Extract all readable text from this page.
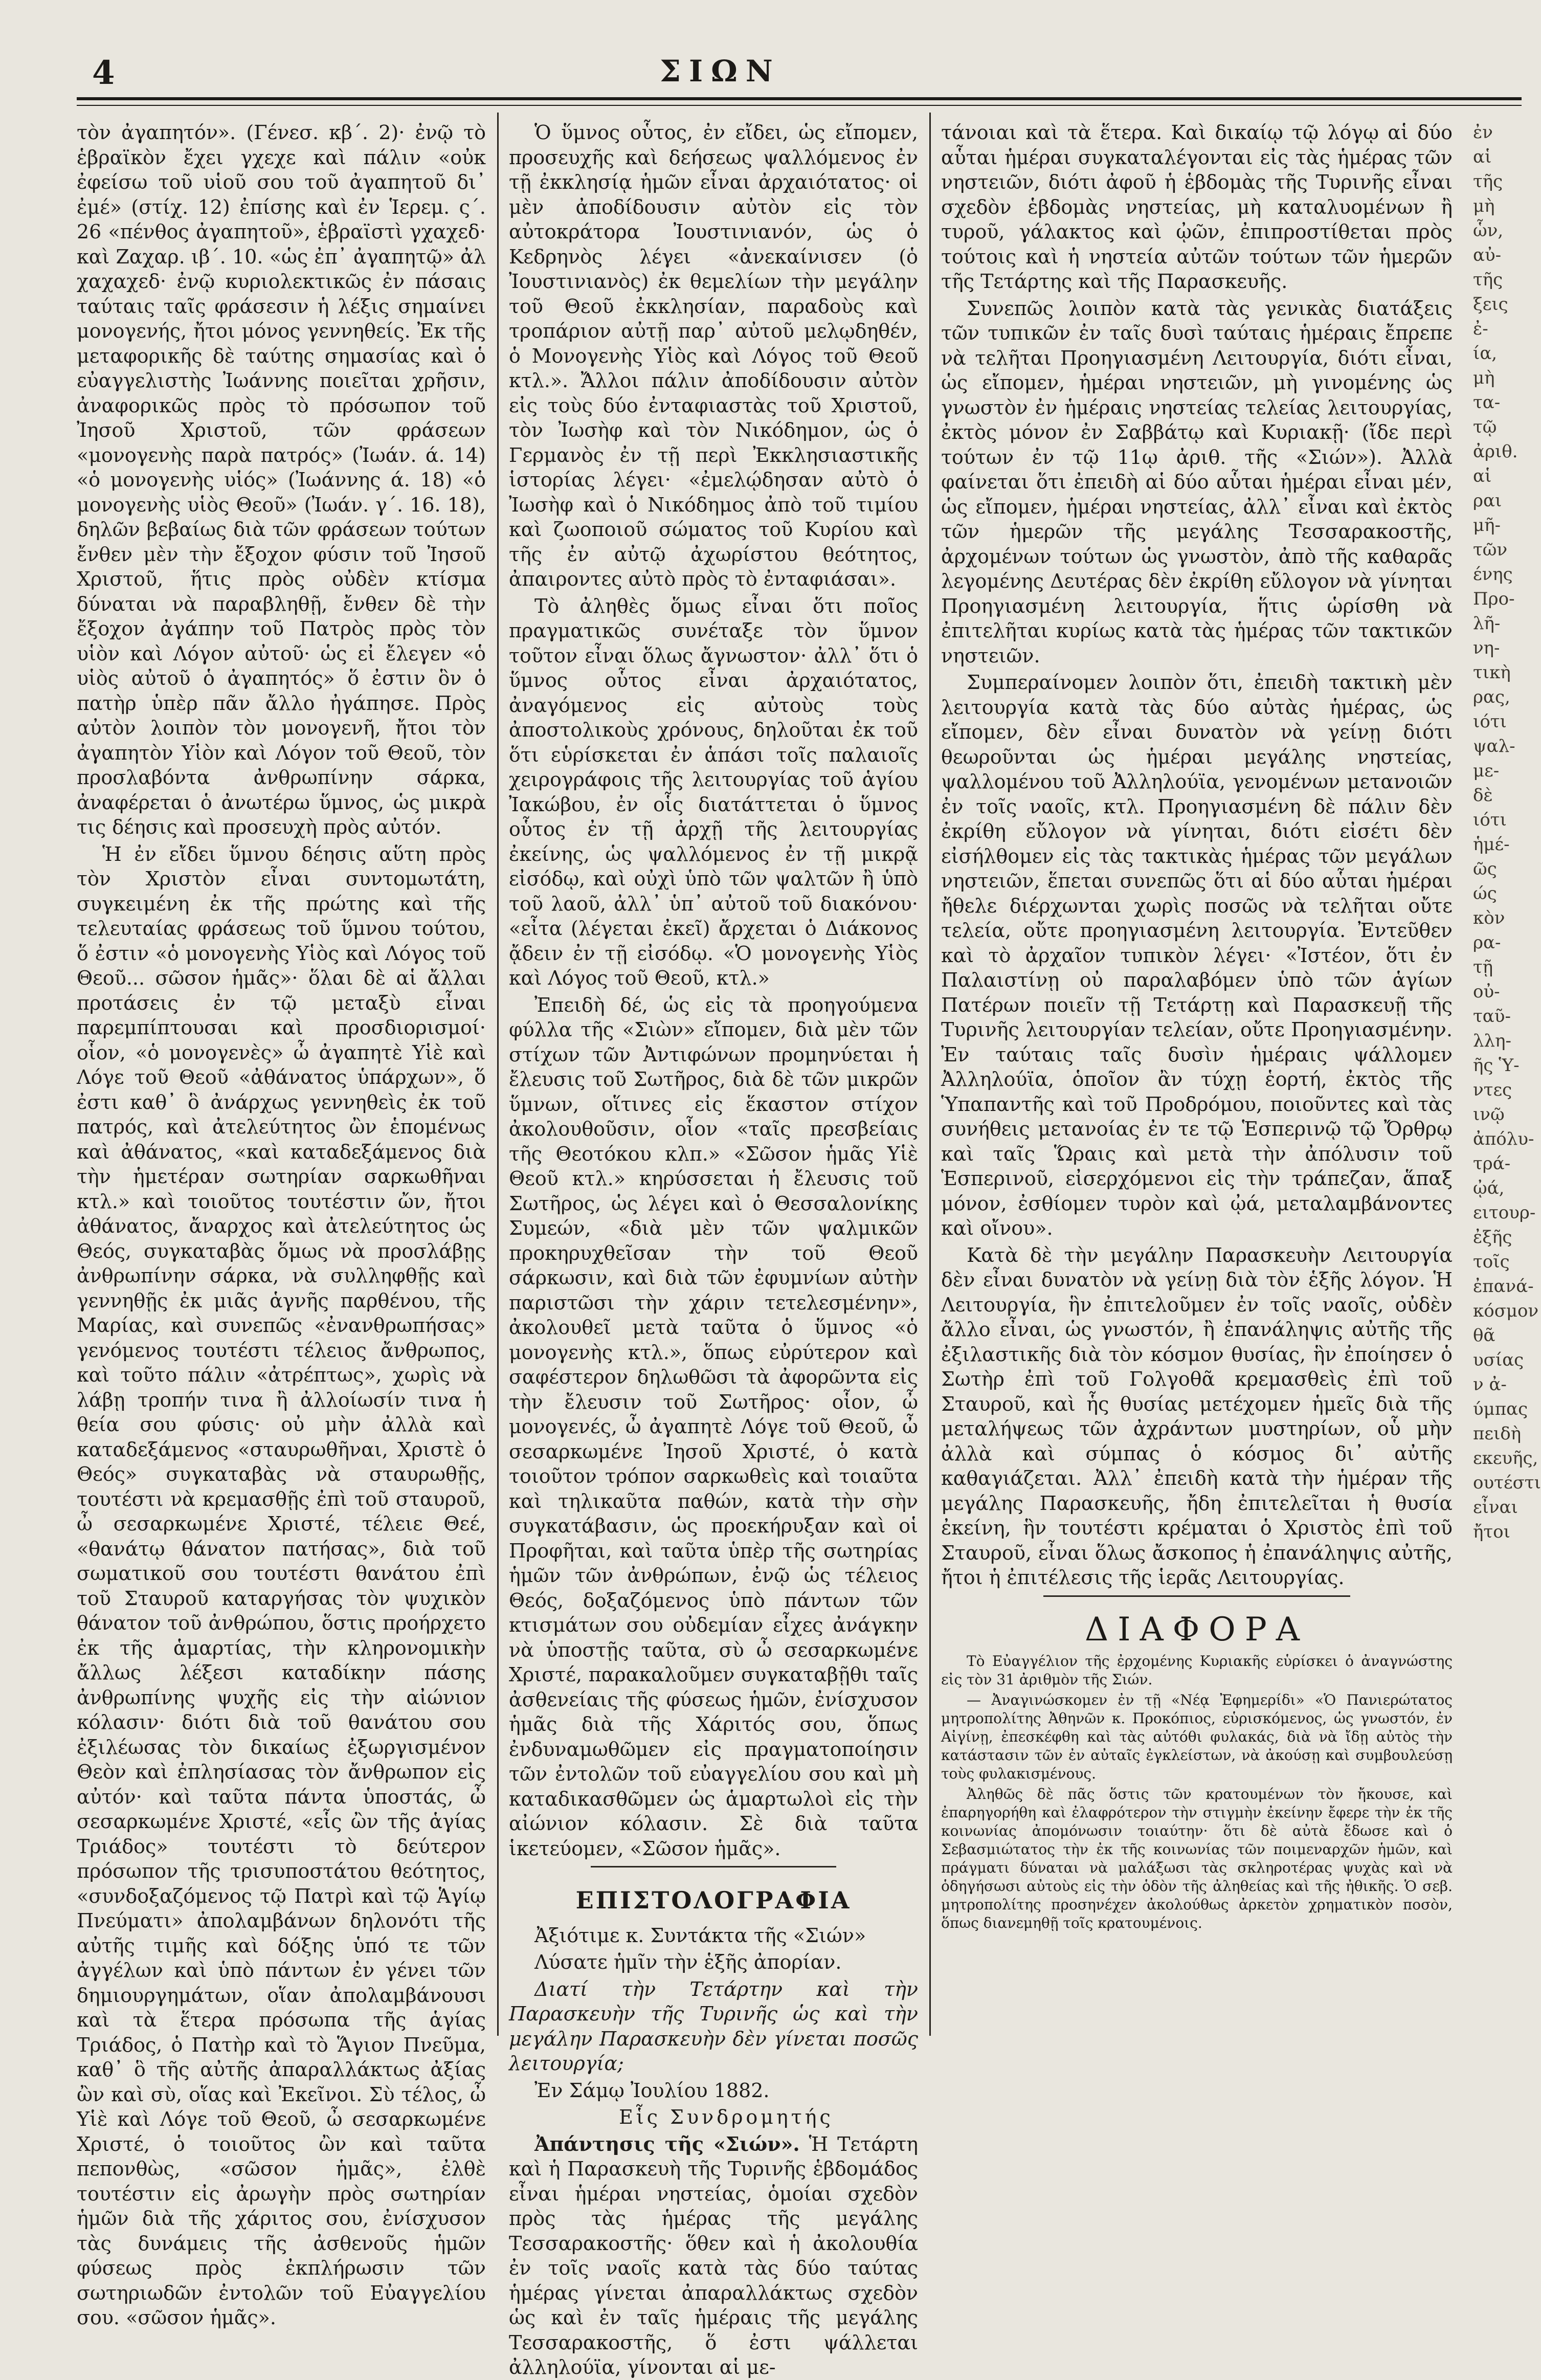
4	ΣΙΩΝ

τὸν ἀγαπητόν». (Γένεσ. κβ΄. 2)· ἐνῷ τὸ ἑβραϊκὸν ἔχει γχεχε καὶ πάλιν «οὐκ ἐφείσω τοῦ υἱοῦ σου τοῦ ἀγαπητοῦ δι᾿ ἐμέ» (στίχ. 12) ἐπίσης καὶ ἐν Ἱερεμ. ς΄. 26 «πένθος ἀγαπητοῦ», ἑβραϊστὶ γχαχεδ· καὶ Ζαχαρ. ιβ΄. 10. «ὡς ἐπ᾿ ἀγαπητῷ» ἀλ χαχαχεδ· ἐνῷ κυριολεκτικῶς ἐν πάσαις ταύταις ταῖς φράσεσιν ἡ λέξις σημαίνει μονογενής, ἤτοι μόνος γεννηθείς. Ἐκ τῆς μεταφορικῆς δὲ ταύτης σημασίας καὶ ὁ εὐαγγελιστὴς Ἰωάννης ποιεῖται χρῆσιν, ἀναφορικῶς πρὸς τὸ πρόσωπον τοῦ Ἰησοῦ Χριστοῦ, τῶν φράσεων «μονογενὴς παρὰ πατρός» (Ἰωάν. ά. 14) «ὁ μονογενὴς υἱός» (Ἰωάννης ά. 18) «ὁ μονογενὴς υἱὸς Θεοῦ» (Ἰωάν. γ΄. 16. 18), δηλῶν βεβαίως διὰ τῶν φράσεων τούτων ἔνθεν μὲν τὴν ἔξοχον φύσιν τοῦ Ἰησοῦ Χριστοῦ, ἥτις πρὸς οὐδὲν κτίσμα δύναται νὰ παραβληθῇ, ἔνθεν δὲ τὴν ἔξοχον ἀγάπην τοῦ Πατρὸς πρὸς τὸν υἱὸν καὶ Λόγον αὐτοῦ· ὡς εἰ ἔλεγεν «ὁ υἱὸς αὐτοῦ ὁ ἀγαπητός» ὅ ἐστιν ὃν ὁ πατὴρ ὑπὲρ πᾶν ἄλλο ἠγάπησε. Πρὸς αὐτὸν λοιπὸν τὸν μονογενῆ, ἤτοι τὸν ἀγαπητὸν Υἱὸν καὶ Λόγον τοῦ Θεοῦ, τὸν προσλαβόντα ἀνθρωπίνην σάρκα, ἀναφέρεται ὁ ἀνωτέρω ὕμνος, ὡς μικρὰ τις δέησις καὶ προσευχὴ πρὸς αὐτόν.

Ἡ ἐν εἴδει ὕμνου δέησις αὕτη πρὸς τὸν Χριστὸν εἶναι συντομωτάτη, συγκειμένη ἐκ τῆς πρώτης καὶ τῆς τελευταίας φράσεως τοῦ ὕμνου τούτου, ὅ ἐστιν «ὁ μονογενὴς Υἱὸς καὶ Λόγος τοῦ Θεοῦ... σῶσον ἡμᾶς»· ὅλαι δὲ αἱ ἄλλαι προτάσεις ἐν τῷ μεταξὺ εἶναι παρεμπίπτουσαι καὶ προσδιορισμοί· οἷον, «ὁ μονογενὲς» ὦ ἀγαπητὲ Υἱὲ καὶ Λόγε τοῦ Θεοῦ «ἀθάνατος ὑπάρχων», ὅ ἐστι καθ᾿ ὃ ἀνάρχως γεννηθεὶς ἐκ τοῦ πατρός, καὶ ἀτελεύτητος ὢν ἑπομένως καὶ ἀθάνατος, «καὶ καταδεξάμενος διὰ τὴν ἡμετέραν σωτηρίαν σαρκωθῆναι κτλ.» καὶ τοιοῦτος τουτέστιν ὤν, ἤτοι ἀθάνατος, ἄναρχος καὶ ἀτελεύτητος ὡς Θεός, συγκαταβὰς ὅμως νὰ προσλάβῃς ἀνθρωπίνην σάρκα, νὰ συλληφθῇς καὶ γεννηθῇς ἐκ μιᾶς ἁγνῆς παρθένου, τῆς Μαρίας, καὶ συνεπῶς «ἐνανθρωπήσας» γενόμενος τουτέστι τέλειος ἄνθρωπος, καὶ τοῦτο πάλιν «ἀτρέπτως», χωρὶς νὰ λάβῃ τροπήν τινα ἢ ἀλλοίωσίν τινα ἡ θεία σου φύσις· οὐ μὴν ἀλλὰ καὶ καταδεξάμενος «σταυρωθῆναι, Χριστὲ ὁ Θεός» συγκαταβὰς νὰ σταυρωθῇς, τουτέστι νὰ κρεμασθῇς ἐπὶ τοῦ σταυροῦ, ὦ σεσαρκωμένε Χριστέ, τέλειε Θεέ, «θανάτῳ θάνατον πατήσας», διὰ τοῦ σωματικοῦ σου τουτέστι θανάτου ἐπὶ τοῦ Σταυροῦ καταργήσας τὸν ψυχικὸν θάνατον τοῦ ἀνθρώπου, ὅστις προήρχετο ἐκ τῆς ἁμαρτίας, τὴν κληρονομικὴν ἄλλως λέξεσι καταδίκην πάσης ἀνθρωπίνης ψυχῆς εἰς τὴν αἰώνιον κόλασιν· διότι διὰ τοῦ θανάτου σου ἐξιλέωσας τὸν δικαίως ἐξωργισμένον Θεὸν καὶ ἐπλησίασας τὸν ἄνθρωπον εἰς αὐτόν· καὶ ταῦτα πάντα ὑποστάς, ὦ σεσαρκωμένε Χριστέ, «εἷς ὢν τῆς ἁγίας Τριάδος» τουτέστι τὸ δεύτερον πρόσωπον τῆς τρισυποστάτου θεότητος, «συνδοξαζόμενος τῷ Πατρὶ καὶ τῷ Ἁγίῳ Πνεύματι» ἀπολαμβάνων δηλονότι τῆς αὐτῆς τιμῆς καὶ δόξης ὑπό τε τῶν ἀγγέλων καὶ ὑπὸ πάντων ἐν γένει τῶν δημιουργημάτων, οἵαν ἀπολαμβάνουσι καὶ τὰ ἕτερα πρόσωπα τῆς ἁγίας Τριάδος, ὁ Πατὴρ καὶ τὸ Ἅγιον Πνεῦμα, καθ᾿ ὃ τῆς αὐτῆς ἀπαραλλάκτως ἀξίας ὢν καὶ σὺ, οἵας καὶ Ἐκεῖνοι. Σὺ τέλος, ὦ Υἱὲ καὶ Λόγε τοῦ Θεοῦ, ὦ σεσαρκωμένε Χριστέ, ὁ τοιοῦτος ὢν καὶ ταῦτα πεπονθὼς, «σῶσον ἡμᾶς», ἐλθὲ τουτέστιν εἰς ἀρωγὴν πρὸς σωτηρίαν ἡμῶν διὰ τῆς χάριτος σου, ἐνίσχυσον τὰς δυνάμεις τῆς ἀσθενοῦς ἡμῶν φύσεως πρὸς ἐκπλήρωσιν τῶν σωτηριωδῶν ἐντολῶν τοῦ Εὐαγγελίου σου. «σῶσον ἡμᾶς».

Ὁ ὕμνος οὗτος, ἐν εἴδει, ὡς εἴπομεν, προσευχῆς καὶ δεήσεως ψαλλόμενος ἐν τῇ ἐκκλησίᾳ ἡμῶν εἶναι ἀρχαιότατος· οἱ μὲν ἀποδίδουσιν αὐτὸν εἰς τὸν αὐτοκράτορα Ἰουστινιανόν, ὡς ὁ Κεδρηνὸς λέγει «ἀνεκαίνισεν (ὁ Ἰουστινιανὸς) ἐκ θεμελίων τὴν μεγάλην τοῦ Θεοῦ ἐκκλησίαν, παραδοὺς καὶ τροπάριον αὐτῇ παρ᾿ αὐτοῦ μελῳδηθέν, ὁ Μονογενὴς Υἱὸς καὶ Λόγος τοῦ Θεοῦ κτλ.». Ἄλλοι πάλιν ἀποδίδουσιν αὐτὸν εἰς τοὺς δύο ἐνταφιαστὰς τοῦ Χριστοῦ, τὸν Ἰωσὴφ καὶ τὸν Νικόδημον, ὡς ὁ Γερμανὸς ἐν τῇ περὶ Ἐκκλησιαστικῆς ἱστορίας λέγει· «ἐμελῴδησαν αὐτὸ ὁ Ἰωσὴφ καὶ ὁ Νικόδημος ἀπὸ τοῦ τιμίου καὶ ζωοποιοῦ σώματος τοῦ Κυρίου καὶ τῆς ἐν αὐτῷ ἀχωρίστου θεότητος, ἀπαιροντες αὐτὸ πρὸς τὸ ἐνταφιάσαι».

Τὸ ἀληθὲς ὅμως εἶναι ὅτι ποῖος πραγματικῶς συνέταξε τὸν ὕμνον τοῦτον εἶναι ὅλως ἄγνωστον· ἀλλ᾿ ὅτι ὁ ὕμνος οὗτος εἶναι ἀρχαιότατος, ἀναγόμενος εἰς αὐτοὺς τοὺς ἀποστολικοὺς χρόνους, δηλοῦται ἐκ τοῦ ὅτι εὑρίσκεται ἐν ἁπάσι τοῖς παλαιοῖς χειρογράφοις τῆς λειτουργίας τοῦ ἁγίου Ἰακώβου, ἐν οἷς διατάττεται ὁ ὕμνος οὗτος ἐν τῇ ἀρχῇ τῆς λειτουργίας ἐκείνης, ὡς ψαλλόμενος ἐν τῇ μικρᾷ εἰσόδῳ, καὶ οὐχὶ ὑπὸ τῶν ψαλτῶν ἢ ὑπὸ τοῦ λαοῦ, ἀλλ᾿ ὑπ᾿ αὐτοῦ τοῦ διακόνου· «εἶτα (λέγεται ἐκεῖ) ἄρχεται ὁ Διάκονος ᾄδειν ἐν τῇ εἰσόδῳ. «Ὁ μονογενὴς Υἱὸς καὶ Λόγος τοῦ Θεοῦ, κτλ.»

Ἐπειδὴ δέ, ὡς εἰς τὰ προηγούμενα φύλλα τῆς «Σιὼν» εἴπομεν, διὰ μὲν τῶν στίχων τῶν Ἀντιφώνων προμηνύεται ἡ ἔλευσις τοῦ Σωτῆρος, διὰ δὲ τῶν μικρῶν ὕμνων, οἵτινες εἰς ἕκαστον στίχον ἀκολουθοῦσιν, οἷον «ταῖς πρεσβείαις τῆς Θεοτόκου κλπ.» «Σῶσον ἡμᾶς Υἱὲ Θεοῦ κτλ.» κηρύσσεται ἡ ἔλευσις τοῦ Σωτῆρος, ὡς λέγει καὶ ὁ Θεσσαλονίκης Συμεών, «διὰ μὲν τῶν ψαλμικῶν προκηρυχθεῖσαν τὴν τοῦ Θεοῦ σάρκωσιν, καὶ διὰ τῶν ἐφυμνίων αὐτὴν παριστῶσι τὴν χάριν τετελεσμένην», ἀκολουθεῖ μετὰ ταῦτα ὁ ὕμνος «ὁ μονογενὴς κτλ.», ὅπως εὐρύτερον καὶ σαφέστερον δηλωθῶσι τὰ ἀφορῶντα εἰς τὴν ἔλευσιν τοῦ Σωτῆρος· οἷον, ὦ μονογενές, ὦ ἀγαπητὲ Λόγε τοῦ Θεοῦ, ὦ σεσαρκωμένε Ἰησοῦ Χριστέ, ὁ κατὰ τοιοῦτον τρόπον σαρκωθεὶς καὶ τοιαῦτα καὶ τηλικαῦτα παθών, κατὰ τὴν σὴν συγκατάβασιν, ὡς προεκήρυξαν καὶ οἱ Προφῆται, καὶ ταῦτα ὑπὲρ τῆς σωτηρίας ἡμῶν τῶν ἀνθρώπων, ἐνῷ ὡς τέλειος Θεός, δοξαζόμενος ὑπὸ πάντων τῶν κτισμάτων σου οὐδεμίαν εἶχες ἀνάγκην νὰ ὑποστῇς ταῦτα, σὺ ὦ σεσαρκωμένε Χριστέ, παρακαλοῦμεν συγκαταβῇθι ταῖς ἀσθενείαις τῆς φύσεως ἡμῶν, ἐνίσχυσον ἡμᾶς διὰ τῆς Χάριτός σου, ὅπως ἐνδυναμωθῶμεν εἰς πραγματοποίησιν τῶν ἐντολῶν τοῦ εὐαγγελίου σου καὶ μὴ καταδικασθῶμεν ὡς ἁμαρτωλοὶ εἰς τὴν αἰώνιον κόλασιν. Σὲ διὰ ταῦτα ἱκετεύομεν, «Σῶσον ἡμᾶς».

ΕΠΙΣΤΟΛΟΓΡΑΦΙΑ

Ἀξιότιμε κ. Συντάκτα τῆς «Σιών»

Λύσατε ἡμῖν τὴν ἑξῆς ἀπορίαν.

Διατί τὴν Τετάρτην καὶ τὴν Παρασκευὴν τῆς Τυρινῆς ὡς καὶ τὴν μεγάλην Παρασκευὴν δὲν γίνεται ποσῶς λειτουργία;

Ἐν Σάμῳ Ἰουλίου 1882.

Εἷς Συνδρομητής

Ἀπάντησις τῆς «Σιών». Ἡ Τετάρτη καὶ ἡ Παρασκευὴ τῆς Τυρινῆς ἑβδομάδος εἶναι ἡμέραι νηστείας, ὁμοίαι σχεδὸν πρὸς τὰς ἡμέρας τῆς μεγάλης Τεσσαρακοστῆς· ὅθεν καὶ ἡ ἀκολουθία ἐν τοῖς ναοῖς κατὰ τὰς δύο ταύτας ἡμέρας γίνεται ἀπαραλλάκτως σχεδὸν ὡς καὶ ἐν ταῖς ἡμέραις τῆς μεγάλης Τεσσαρακοστῆς, ὅ ἐστι ψάλλεται ἀλληλούϊα, γίνονται αἱ με-

τάνοιαι καὶ τὰ ἕτερα. Καὶ δικαίῳ τῷ λόγῳ αἱ δύο αὗται ἡμέραι συγκαταλέγονται εἰς τὰς ἡμέρας τῶν νηστειῶν, διότι ἀφοῦ ἡ ἑβδομὰς τῆς Τυρινῆς εἶναι σχεδὸν ἑβδομὰς νηστείας, μὴ καταλυομένων ἢ τυροῦ, γάλακτος καὶ ᾠῶν, ἐπιπροστίθεται πρὸς τούτοις καὶ ἡ νηστεία αὐτῶν τούτων τῶν ἡμερῶν τῆς Τετάρτης καὶ τῆς Παρασκευῆς.

Συνεπῶς λοιπὸν κατὰ τὰς γενικὰς διατάξεις τῶν τυπικῶν ἐν ταῖς δυσὶ ταύταις ἡμέραις ἔπρεπε νὰ τελῆται Προηγιασμένη Λειτουργία, διότι εἶναι, ὡς εἴπομεν, ἡμέραι νηστειῶν, μὴ γινομένης ὡς γνωστὸν ἐν ἡμέραις νηστείας τελείας λειτουργίας, ἐκτὸς μόνον ἐν Σαββάτῳ καὶ Κυριακῇ· (ἴδε περὶ τούτων ἐν τῷ 11ῳ ἀριθ. τῆς «Σιών»). Ἀλλὰ φαίνεται ὅτι ἐπειδὴ αἱ δύο αὗται ἡμέραι εἶναι μέν, ὡς εἴπομεν, ἡμέραι νηστείας, ἀλλ᾿ εἶναι καὶ ἐκτὸς τῶν ἡμερῶν τῆς μεγάλης Τεσσαρακοστῆς, ἀρχομένων τούτων ὡς γνωστὸν, ἀπὸ τῆς καθαρᾶς λεγομένης Δευτέρας δὲν ἐκρίθη εὔλογον νὰ γίνηται Προηγιασμένη λειτουργία, ἥτις ὡρίσθη νὰ ἐπιτελῆται κυρίως κατὰ τὰς ἡμέρας τῶν τακτικῶν νηστειῶν.

Συμπεραίνομεν λοιπὸν ὅτι, ἐπειδὴ τακτικὴ μὲν λειτουργία κατὰ τὰς δύο αὐτὰς ἡμέρας, ὡς εἴπομεν, δὲν εἶναι δυνατὸν νὰ γείνῃ διότι θεωροῦνται ὡς ἡμέραι μεγάλης νηστείας, ψαλλομένου τοῦ Ἀλληλούϊα, γενομένων μετανοιῶν ἐν τοῖς ναοῖς, κτλ. Προηγιασμένη δὲ πάλιν δὲν ἐκρίθη εὔλογον νὰ γίνηται, διότι εἰσέτι δὲν εἰσήλθομεν εἰς τὰς τακτικὰς ἡμέρας τῶν μεγάλων νηστειῶν, ἕπεται συνεπῶς ὅτι αἱ δύο αὗται ἡμέραι ἤθελε διέρχωνται χωρὶς ποσῶς νὰ τελῆται οὔτε τελεία, οὔτε προηγιασμένη λειτουργία. Ἐντεῦθεν καὶ τὸ ἀρχαῖον τυπικὸν λέγει· «Ἰστέον, ὅτι ἐν Παλαιστίνῃ οὐ παραλαβόμεν ὑπὸ τῶν ἁγίων Πατέρων ποιεῖν τῇ Τετάρτῃ καὶ Παρασκευῇ τῆς Τυρινῆς λειτουργίαν τελείαν, οὔτε Προηγιασμένην. Ἐν ταύταις ταῖς δυσὶν ἡμέραις ψάλλομεν Ἀλληλούϊα, ὁποῖον ἂν τύχῃ ἑορτή, ἐκτὸς τῆς Ὑπαπαντῆς καὶ τοῦ Προδρόμου, ποιοῦντες καὶ τὰς συνήθεις μετανοίας ἐν τε τῷ Ἑσπερινῷ τῷ Ὄρθρῳ καὶ ταῖς Ὥραις καὶ μετὰ τὴν ἀπόλυσιν τοῦ Ἑσπερινοῦ, εἰσερχόμενοι εἰς τὴν τράπεζαν, ἅπαξ μόνον, ἐσθίομεν τυρὸν καὶ ᾠά, μεταλαμβάνοντες καὶ οἴνου».

Κατὰ δὲ τὴν μεγάλην Παρασκευὴν Λειτουργία δὲν εἶναι δυνατὸν νὰ γείνῃ διὰ τὸν ἑξῆς λόγον. Ἡ Λειτουργία, ἣν ἐπιτελοῦμεν ἐν τοῖς ναοῖς, οὐδὲν ἄλλο εἶναι, ὡς γνωστόν, ἢ ἐπανάληψις αὐτῆς τῆς ἐξιλαστικῆς διὰ τὸν κόσμον θυσίας, ἣν ἐποίησεν ὁ Σωτὴρ ἐπὶ τοῦ Γολγοθᾶ κρεμασθεὶς ἐπὶ τοῦ Σταυροῦ, καὶ ἧς θυσίας μετέχομεν ἡμεῖς διὰ τῆς μεταλήψεως τῶν ἀχράντων μυστηρίων, οὗ μὴν ἀλλὰ καὶ σύμπας ὁ κόσμος δι᾿ αὐτῆς καθαγιάζεται. Ἀλλ᾿ ἐπειδὴ κατὰ τὴν ἡμέραν τῆς μεγάλης Παρασκευῆς, ἤδη ἐπιτελεῖται ἡ θυσία ἐκείνη, ἣν τουτέστι κρέμαται ὁ Χριστὸς ἐπὶ τοῦ Σταυροῦ, εἶναι ὅλως ἄσκοπος ἡ ἐπανάληψις αὐτῆς, ἤτοι ἡ ἐπιτέλεσις τῆς ἱερᾶς Λειτουργίας.

ΔΙΑΦΟΡΑ

Τὸ Εὐαγγέλιον τῆς ἐρχομένης Κυριακῆς εὑρίσκει ὁ ἀναγνώστης εἰς τὸν 31 ἀριθμὸν τῆς Σιών.

— Ἀναγινώσκομεν ἐν τῇ «Νέᾳ Ἐφημερίδι» «Ὁ Πανιερώτατος μητροπολίτης Ἀθηνῶν κ. Προκόπιος, εὑρισκόμενος, ὡς γνωστόν, ἐν Αἰγίνῃ, ἐπεσκέφθη καὶ τὰς αὐτόθι φυλακάς, διὰ νὰ ἴδῃ αὐτὸς τὴν κατάστασιν τῶν ἐν αὐταῖς ἐγκλείστων, νὰ ἀκούσῃ καὶ συμβουλεύσῃ τοὺς φυλακισμένους.

Ἀληθῶς δὲ πᾶς ὅστις τῶν κρατουμένων τὸν ἤκουσε, καὶ ἐπαρηγορήθη καὶ ἐλαφρότερον τὴν στιγμὴν ἐκείνην ἔφερε τὴν ἐκ τῆς κοινωνίας ἀπομόνωσιν τοιαύτην· ὅτι δὲ αὐτὰ ἔδωσε καὶ ὁ Σεβασμιώτατος τὴν ἐκ τῆς κοινωνίας τῶν ποιμεναρχῶν ἡμῶν, καὶ πράγματι δύναται νὰ μαλάξωσι τὰς σκληροτέρας ψυχὰς καὶ νὰ ὁδηγήσωσι αὐτοὺς εἰς τὴν ὁδὸν τῆς ἀληθείας καὶ τῆς ἠθικῆς. Ὁ σεβ. μητροπολίτης προσηνέχεν ἀκολούθως ἀρκετὸν χρηματικὸν ποσὸν, ὅπως διανεμηθῇ τοῖς κρατουμένοις.

ἐν
αἱ
τῆς
μὴ
ὧν,
αὐ-
τῆς
ξεις
ἐ-
ία,
μὴ
τα-
τῷ
ἀριθ.
αἱ
ραι
μῆ-
τῶν
ένης
Προ-
λῆ-
νη-
τικὴ
ρας,
ιότι
ψαλ-
με-
δὲ
ιότι
ἡμέ-
ῶς
ώς
κὸν
ρα-
τῇ
οὐ-
ταῦ-
λλη-
ῆς Ὑ-
ντες
ινῷ
ἀπόλυ-
τρά-
ᾠά,
ειτουρ-
ἐξῆς
τοῖς
ἐπανά-
κόσμον
θᾶ
υσίας
ν ἀ-
ύμπας
πειδὴ
εκευῆς,
ουτέστι
εἶναι
ἤτοι
